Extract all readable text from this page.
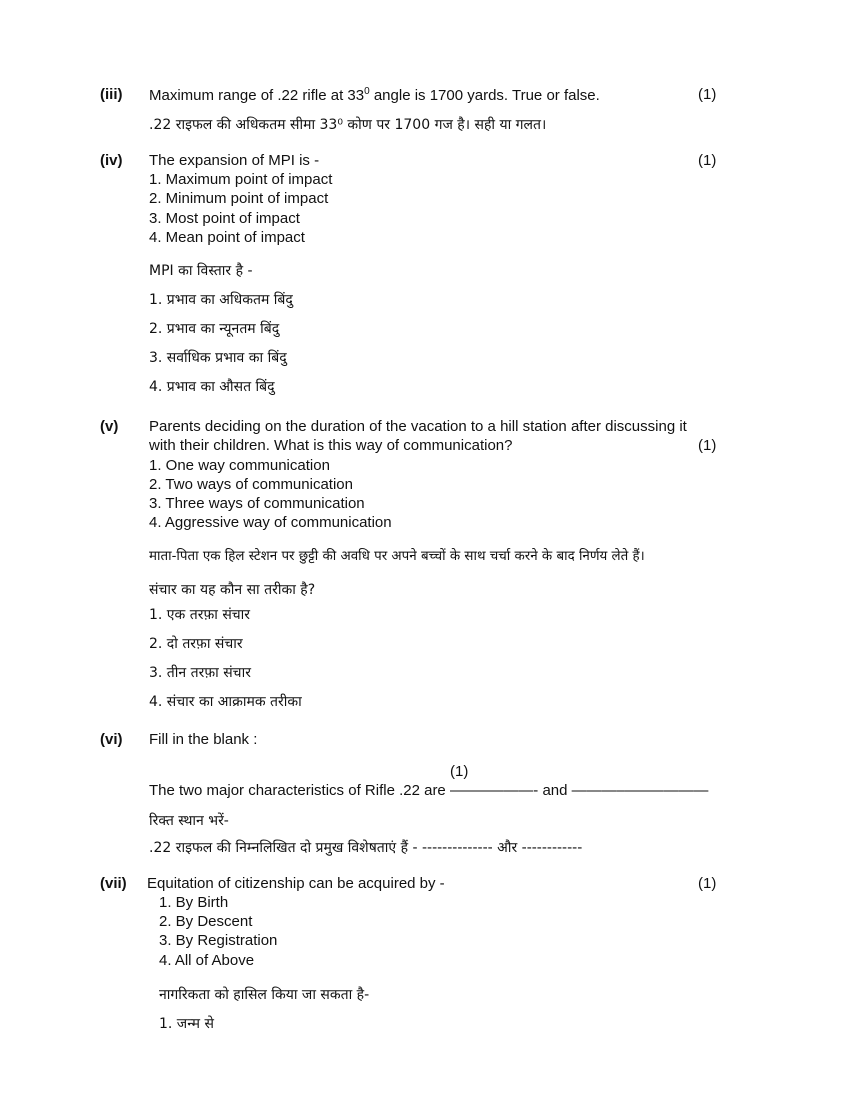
(iii) Maximum range of .22 rifle at $33^0$ angle is 1700 yards. True or false.	(1)
.22 राइफल की अधिकतम सीमा 33⁰ कोण पर 1700 गज है। सही या गलत।
(iv) The expansion of MPI is -	(1)
1. Maximum point of impact
2. Minimum point of impact
3. Most point of impact
4. Mean point of impact
MPI का विस्तार है -
1. प्रभाव का अधिकतम बिंदु
2. प्रभाव का न्यूनतम बिंदु
3. सर्वाधिक प्रभाव का बिंदु
4. प्रभाव का औसत बिंदु
(v) Parents deciding on the duration of the vacation to a hill station after discussing it
with their children. What is this way of communication?	(1)
1. One way communication
2. Two ways of communication
3. Three ways of communication
4. Aggressive way of communication
माता-पिता एक हिल स्टेशन पर छुट्टी की अवधि पर अपने बच्चों के साथ चर्चा करने के बाद निर्णय लेते हैं।
संचार का यह कौन सा तरीका है?
1. एक तरफ़ा संचार
2. दो तरफ़ा संचार
3. तीन तरफ़ा संचार
4. संचार का आक्रामक तरीका
(vi) Fill in the blank :
(1)
The two major characteristics of Rifle .22 are ———–——- and ———–——–———
रिक्त स्थान भरें-
.22 राइफल की निम्नलिखित दो प्रमुख विशेषताएं हैं - -------------- और ------------
(vii) Equitation of citizenship can be acquired by -	(1)
1. By Birth
2. By Descent
3. By Registration
4. All of Above
नागरिकता को हासिल किया जा सकता है-
1. जन्म से
